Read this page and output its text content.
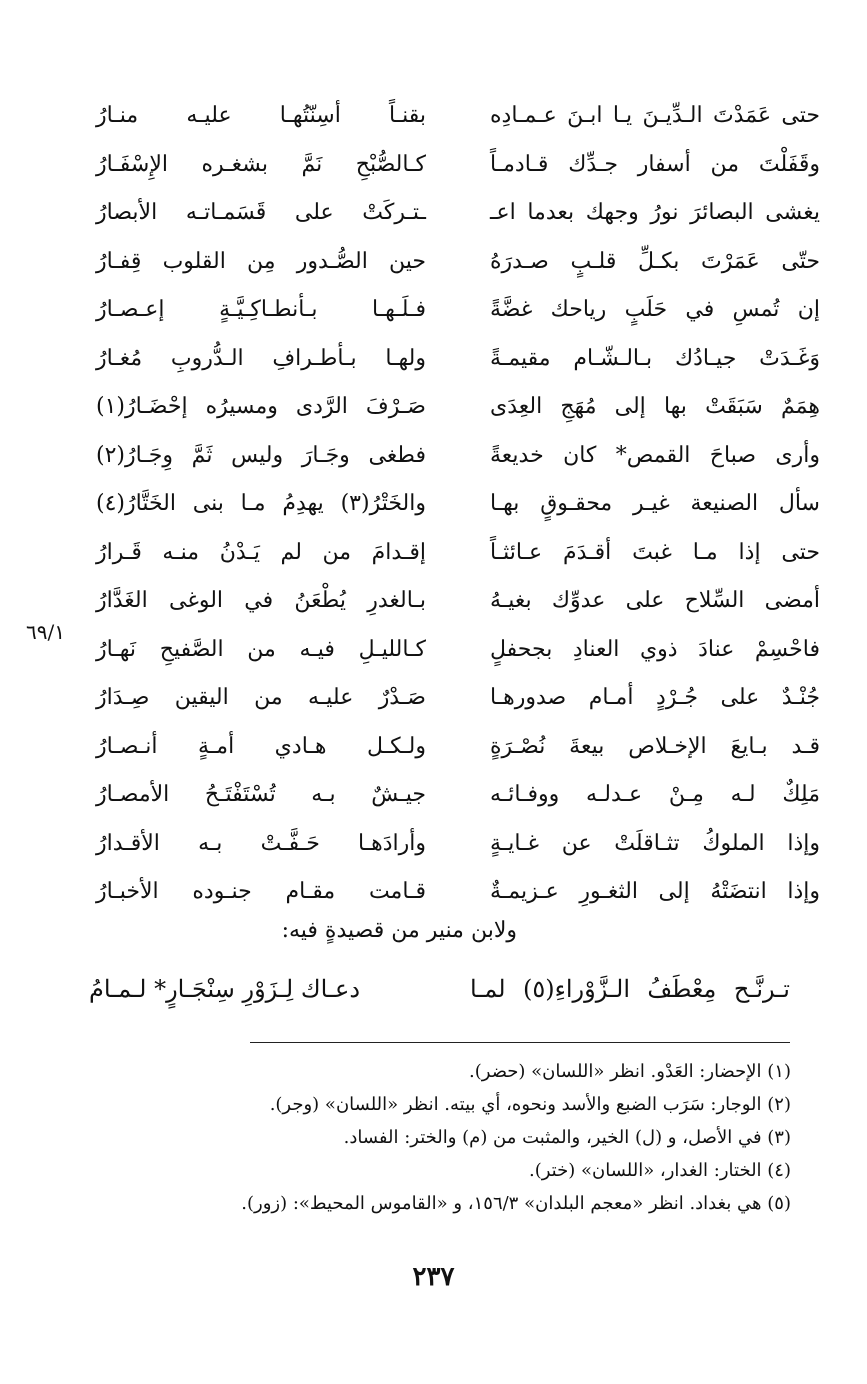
حتى عَمَدْتَ الـدِّيـنَ يـا ابـنَ عـمـادِه
وقَفَلْتَ من أسفار جـدِّك قـادمـاً
يغشى البصائرَ نورُ وجهك بعدما اعـ
حتّى عَمَرْتَ بكـلِّ قلـبٍ صـدرَهُ
إن تُمسِ في حَلَبٍ رياحك غضَّةً
وَغَـدَتْ جيـادُك بـالـشّـام مقيمـةً
هِمَمٌ سَبَقَتْ بها إلى مُهَجِ العِدَى
وأرى صباحَ القمص* كان خديعةً
سأل الصنيعة غيـر محقـوقٍ بهـا
حتى إذا مـا غبتَ أقـدَمَ عـائثـاً
أمضى السِّلاح على عدوِّك بغيـهُ
فاحْسِمْ عنادَ ذوي العنادِ بجحفلٍ
جُنْـدٌ على جُـرْدٍ أمـام صدورهـا
قـد بـايعَ الإخـلاص بيعةَ نُصْـرَةٍ
مَلِكٌ لـه مِـنْ عـدلـه ووفـائـه
وإذا الملوكُ تثـاقلَتْ عن غـايـةٍ
وإذا انتضَتْهُ إلى الثغـورِ عـزيمـةٌ
بقنـاً أسِنّتُهـا عليـه منـارُ
كـالصُّبْحِ نَمَّ بشغـره الإِسْفَـارُ
ـتـركَتْ على قَسَمـاتـه الأبصارُ
حين الصُّـدور مِن القلوب قِفـارُ
فـلَـهـا بـأنطـاكِـيَّـةٍ إعـصـارُ
ولهـا بـأطـرافِ الـدُّروبِ مُغـارُ
صَـرْفَ الرَّدى ومسيرُه إحْضَـارُ(١)
فطغى وجَـارَ وليس ثَمَّ وِجَـارُ(٢)
والخَتْرُ(٣) يهدِمُ مـا بنى الخَتَّارُ(٤)
إقـدامَ من لم يَـدْنُ منـه قَـرارُ
بـالغدرِ يُطْعَنُ في الوغى الغَدَّارُ
كـالليـلِ فيـه من الصَّفيحِ نَهـارُ
صَـدْرٌ عليـه من اليقين صِـدَارُ
ولـكـل هـادي أمـةٍ أنـصـارُ
جيـشٌ بـه تُسْتَفْتَـحُ الأمصـارُ
وأرادَهـا حَـفَّـتْ بـه الأقـدارُ
قـامت مقـام جنـوده الأخبـارُ
٦٩/١
ولابن منير من قصيدةٍ فيه:
تـرنَّـح مِعْطَفُ الـزَّوْراءِ(٥) لمـا
دعـاك لِـزَوْرِ سِنْجَـارٍ* لـمـامُ
(١) الإحضار: العَدْو. انظر «اللسان» (حضر).
(٢) الوجار: سَرَب الضبع والأسد ونحوه، أي بيته. انظر «اللسان» (وجر).
(٣) في الأصل، و (ل) الخير، والمثبت من (م) والختر: الفساد.
(٤) الختار: الغدار، «اللسان» (ختر).
(٥) هي بغداد. انظر «معجم البلدان» ١٥٦/٣، و «القاموس المحيط»: (زور).
٢٣٧
